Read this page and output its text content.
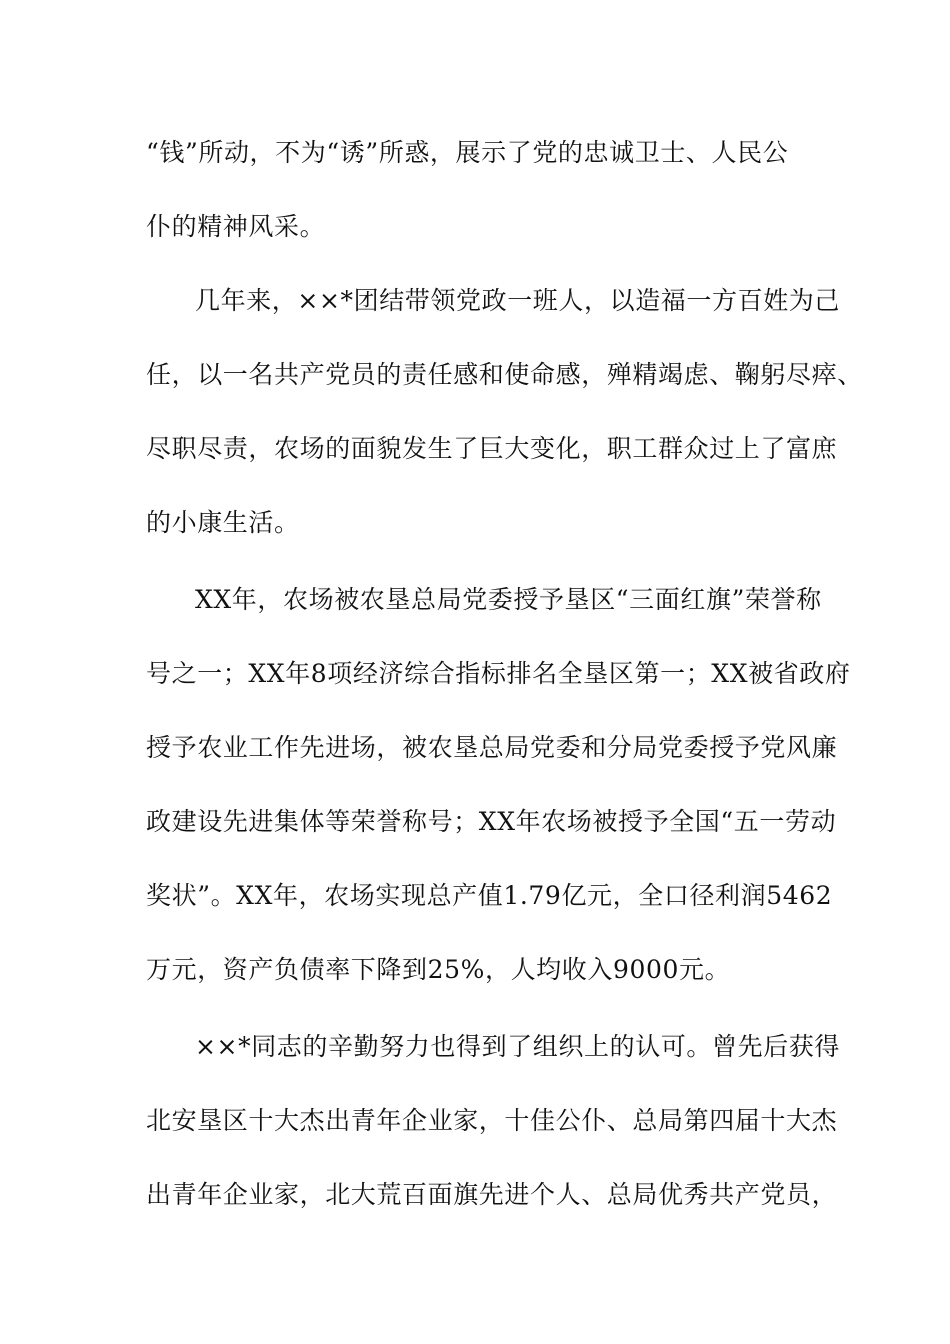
“钱”所动，不为“诱”所惑，展示了党的忠诚卫士、人民公
仆的精神风采。
几年来，××*团结带领党政一班人，以造福一方百姓为己
任，以一名共产党员的责任感和使命感，殚精竭虑、鞠躬尽瘁、
尽职尽责，农场的面貌发生了巨大变化，职工群众过上了富庶
的小康生活。
XX年，农场被农垦总局党委授予垦区“三面红旗”荣誉称
号之一；XX年8项经济综合指标排名全垦区第一；XX被省政府
授予农业工作先进场，被农垦总局党委和分局党委授予党风廉
政建设先进集体等荣誉称号；XX年农场被授予全国“五一劳动
奖状”。XX年，农场实现总产值1.79亿元，全口径利润5462
万元，资产负债率下降到25%，人均收入9000元。
××*同志的辛勤努力也得到了组织上的认可。曾先后获得
北安垦区十大杰出青年企业家，十佳公仆、总局第四届十大杰
出青年企业家，北大荒百面旗先进个人、总局优秀共产党员，
